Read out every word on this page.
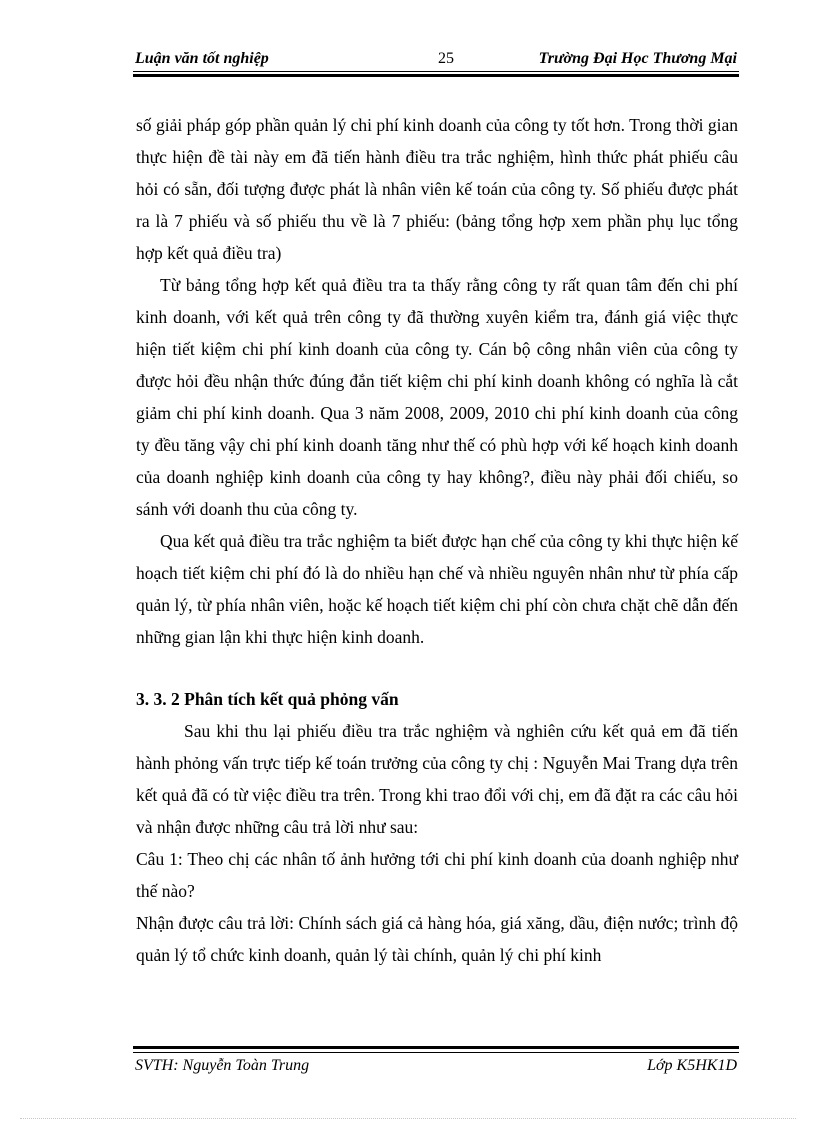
Luận văn tốt nghiệp	25	Trường Đại Học Thương Mại

số giải pháp góp phần quản lý chi phí kinh doanh của công ty tốt hơn. Trong thời gian thực hiện đề tài này em đã tiến hành điều tra trắc nghiệm, hình thức phát phiếu câu hỏi có sẵn, đối tượng được phát là nhân viên kế toán của công ty. Số phiếu được phát ra là 7 phiếu và số phiếu thu về là 7 phiếu: (bảng tổng hợp xem phần phụ lục tổng hợp kết quả điều tra)

Từ bảng tổng hợp kết quả điều tra ta thấy rằng công ty rất quan tâm đến chi phí kinh doanh, với kết quả trên công ty đã thường xuyên kiểm tra, đánh giá việc thực hiện tiết kiệm chi phí kinh doanh của công ty. Cán bộ công nhân viên của công ty được hỏi đều nhận thức đúng đắn tiết kiệm chi phí kinh doanh không có nghĩa là cắt giảm chi phí kinh doanh. Qua 3 năm 2008, 2009, 2010 chi phí kinh doanh của công ty đều tăng vậy chi phí kinh doanh tăng như thế có phù hợp với kế hoạch kinh doanh của doanh nghiệp kinh doanh của công ty hay không?, điều này phải đối chiếu, so sánh với doanh thu của công ty.

Qua kết quả điều tra trắc nghiệm ta biết được hạn chế của công ty khi thực hiện kế hoạch tiết kiệm chi phí đó là do nhiều hạn chế và nhiều nguyên nhân như từ phía cấp quản lý, từ phía nhân viên, hoặc kế hoạch tiết kiệm chi phí còn chưa chặt chẽ dẫn đến những gian lận khi thực hiện kinh doanh.

3. 3. 2 Phân tích kết quả phỏng vấn

Sau khi thu lại phiếu điều tra trắc nghiệm và nghiên cứu kết quả em đã tiến hành phỏng vấn trực tiếp kế toán trưởng của công ty chị : Nguyễn Mai Trang dựa trên kết quả đã có từ việc điều tra trên. Trong khi trao đổi với chị, em đã đặt ra các câu hỏi và nhận được những câu trả lời như sau:

Câu 1: Theo chị các nhân tố ảnh hưởng tới chi phí kinh doanh của doanh nghiệp như thế nào?

Nhận được câu trả lời: Chính sách giá cả hàng hóa, giá xăng, dầu, điện nước; trình độ quản lý tổ chức kinh doanh, quản lý tài chính, quản lý chi phí kinh

SVTH: Nguyễn Toàn Trung	Lớp K5HK1D
